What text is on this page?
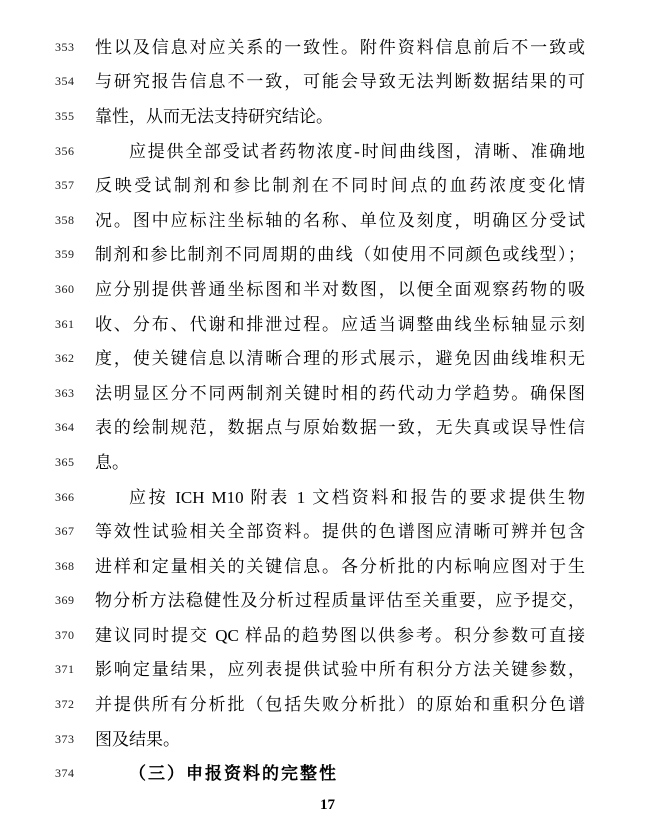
353	性以及信息对应关系的一致性。附件资料信息前后不一致或
354	与研究报告信息不一致，可能会导致无法判断数据结果的可
355	靠性，从而无法支持研究结论。
356	应提供全部受试者药物浓度-时间曲线图，清晰、准确地
357	反映受试制剂和参比制剂在不同时间点的血药浓度变化情
358	况。图中应标注坐标轴的名称、单位及刻度，明确区分受试
359	制剂和参比制剂不同周期的曲线（如使用不同颜色或线型）；
360	应分别提供普通坐标图和半对数图，以便全面观察药物的吸
361	收、分布、代谢和排泄过程。应适当调整曲线坐标轴显示刻
362	度，使关键信息以清晰合理的形式展示，避免因曲线堆积无
363	法明显区分不同两制剂关键时相的药代动力学趋势。确保图
364	表的绘制规范，数据点与原始数据一致，无失真或误导性信
365	息。
366	应按 ICH M10 附表 1 文档资料和报告的要求提供生物
367	等效性试验相关全部资料。提供的色谱图应清晰可辨并包含
368	进样和定量相关的关键信息。各分析批的内标响应图对于生
369	物分析方法稳健性及分析过程质量评估至关重要，应予提交，
370	建议同时提交 QC 样品的趋势图以供参考。积分参数可直接
371	影响定量结果，应列表提供试验中所有积分方法关键参数，
372	并提供所有分析批（包括失败分析批）的原始和重积分色谱
373	图及结果。
374	（三）申报资料的完整性
17
